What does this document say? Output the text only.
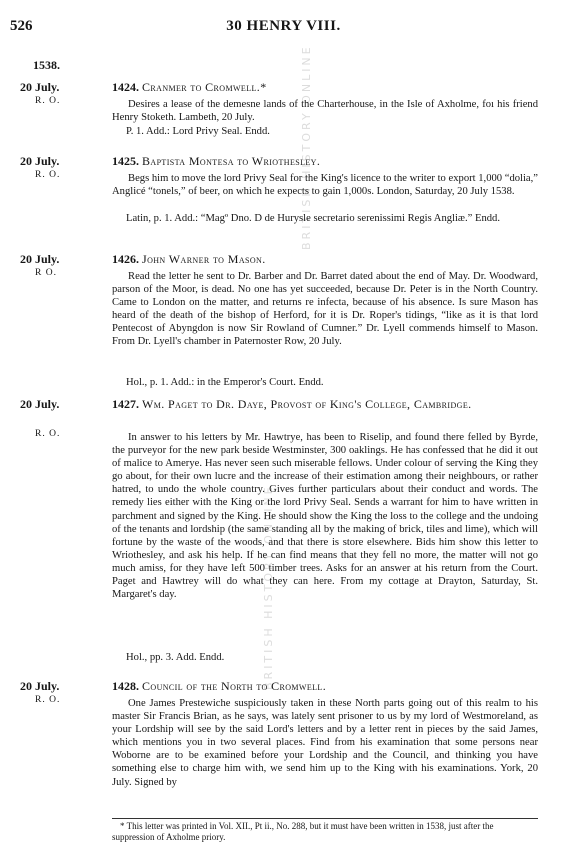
BRITISH HISTORY ONLINE
BRITISH HISTORY ONLINE
526	30 HENRY VIII.
1538.
20 July.
R. O.
1424. Cranmer to Cromwell.*
Desires a lease of the demesne lands of the Charterhouse, in the Isle of Axholme, foı his friend Henry Stoketh. Lambeth, 20 July.
P. 1. Add.: Lord Privy Seal. Endd.
20 July.
R. O.
1425. Baptista Montesa to Wriothesley.
Begs him to move the lord Privy Seal for the King's licence to the writer to export 1,000 “dolia,” Anglicé “tonels,” of beer, on which he expects to gain 1,000s. London, Saturday, 20 July 1538.
Latin, p. 1. Add.: “Magº Dno. D de Hurysle secretario serenissimi Regis Angliæ.” Endd.
20 July.
R O.
1426. John Warner to Mason.
Read the letter he sent to Dr. Barber and Dr. Barret dated about the end of May. Dr. Woodward, parson of the Moor, is dead. No one has yet succeeded, because Dr. Peter is in the North Country. Came to London on the matter, and returns re infecta, because of his absence. Is sure Mason has heard of the death of the bishop of Herford, for it is Dr. Roper's tidings, “like as it is that lord Pentecost of Abyngdon is now Sir Rowland of Cumner.” Dr. Lyell commends himself to Mason. From Dr. Lyell's chamber in Paternoster Row, 20 July.
Hol., p. 1. Add.: in the Emperor's Court. Endd.
20 July.
R. O.
1427. Wm. Paget to Dr. Daye, Provost of King's College, Cambridge.
In answer to his letters by Mr. Hawtrye, has been to Riselip, and found there felled by Byrde, the purveyor for the new park beside Westminster, 300 oaklings. He has confessed that he did it out of malice to Amerye. Has never seen such miserable fellows. Under colour of serving the King they go about, for their own lucre and the increase of their estimation among their neighbours, or rather hatred, to undo the whole country. Gives further particulars about their conduct and words. The remedy lies either with the King or the lord Privy Seal. Sends a warrant for him to have written in parchment and signed by the King. He should show the King the loss to the college and the undoing of the tenants and lordship (the same standing all by the making of brick, tiles and lime), which will fortune by the waste of the woods, and that there is store elsewhere. Bids him show this letter to Wriothesley, and ask his help. If he can find means that they fell no more, the matter will not go much amiss, for they have left 500 timber trees. Asks for an answer at his return from the Court. Paget and Hawtrey will do what they can here. From my cottage at Drayton, Saturday, St. Margaret's day.
Hol., pp. 3. Add. Endd.
20 July.
R. O.
1428. Council of the North to Cromwell.
One James Prestewiche suspiciously taken in these North parts going out of this realm to his master Sir Francis Brian, as he says, was lately sent prisoner to us by my lord of Westmoreland, as your Lordship will see by the said Lord's letters and by a letter rent in pieces by the said James, which mentions you in two several places. Find from his examination that some persons near Woborne are to be examined before your Lordship and the Council, and thinking you have something else to charge him with, we send him up to the King with his examinations. York, 20 July. Signed by
* This letter was printed in Vol. XII., Pt ii., No. 288, but it must have been written in 1538, just after the suppression of Axholme priory.
